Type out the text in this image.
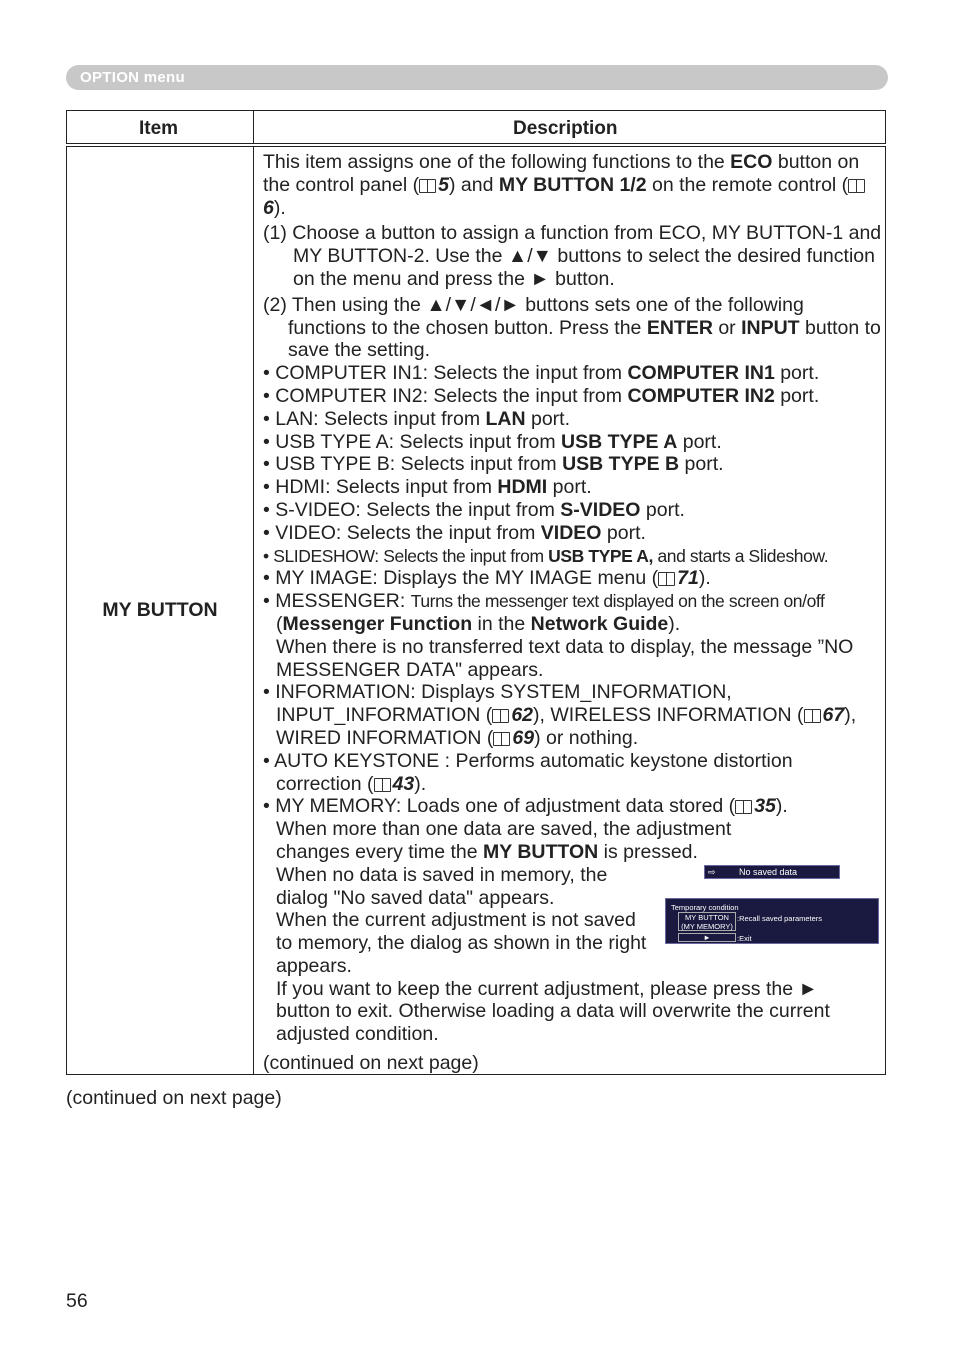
OPTION menu
Item	Description
MY BUTTON

This item assigns one of the following functions to the ECO button on the control panel ( 5) and MY BUTTON 1/2 on the remote control (6).

(1) Choose a button to assign a function from ECO, MY BUTTON-1 and MY BUTTON-2. Use the ▲/▼ buttons to select the desired function on the menu and press the ► button.

(2) Then using the ▲/▼/◄/► buttons sets one of the following functions to the chosen button. Press the ENTER or INPUT button to save the setting.

• COMPUTER IN1: Selects the input from COMPUTER IN1 port.

• COMPUTER IN2: Selects the input from COMPUTER IN2 port.

• LAN: Selects input from LAN port.

• USB TYPE A: Selects input from USB TYPE A port.

• USB TYPE B: Selects input from USB TYPE B port.

• HDMI: Selects input from HDMI port.

• S-VIDEO: Selects the input from S-VIDEO port.

• VIDEO: Selects the input from VIDEO port.

• SLIDESHOW: Selects the input from USB TYPE A, and starts a Slideshow.

• MY IMAGE: Displays the MY IMAGE menu ( 71).

• MESSENGER: Turns the messenger text displayed on the screen on/off

(Messenger Function in the Network Guide).

When there is no transferred text data to display, the message ”NO MESSENGER DATA" appears.

• INFORMATION: Displays SYSTEM_INFORMATION, INPUT_INFORMATION ( 62), WIRELESS INFORMATION ( 67), WIRED INFORMATION ( 69) or nothing.

• AUTO KEYSTONE : Performs automatic keystone distortion correction ( 43).

• MY MEMORY: Loads one of adjustment data stored ( 35).

When more than one data are saved, the adjustment changes every time the MY BUTTON is pressed.

When no data is saved in memory, the dialog "No saved data" appears.

When the current adjustment is not saved to memory, the dialog as shown in the right appears.

If you want to keep the current adjustment, please press the ► button to exit. Otherwise loading a data will overwrite the current adjusted condition.

(continued on next page)

⇨	No saved data
Temporary condition
MY BUTTON
(MY MEMORY)
:Recall saved parameters
►	:Exit
(continued on next page)
56
